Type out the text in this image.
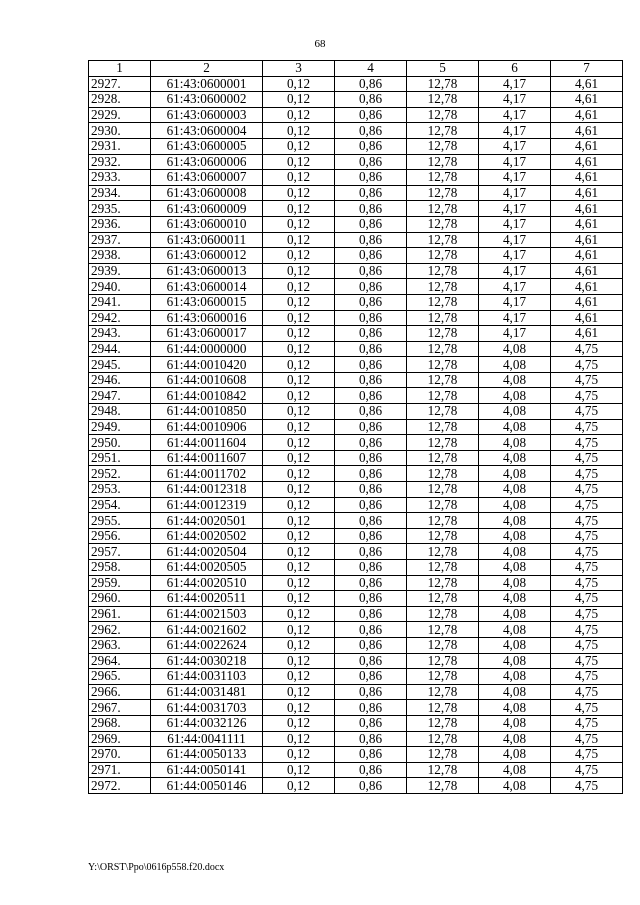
68
1	2	3	4	5	6	7
2927.	61:43:0600001	0,12	0,86	12,78	4,17	4,61
2928.	61:43:0600002	0,12	0,86	12,78	4,17	4,61
2929.	61:43:0600003	0,12	0,86	12,78	4,17	4,61
2930.	61:43:0600004	0,12	0,86	12,78	4,17	4,61
2931.	61:43:0600005	0,12	0,86	12,78	4,17	4,61
2932.	61:43:0600006	0,12	0,86	12,78	4,17	4,61
2933.	61:43:0600007	0,12	0,86	12,78	4,17	4,61
2934.	61:43:0600008	0,12	0,86	12,78	4,17	4,61
2935.	61:43:0600009	0,12	0,86	12,78	4,17	4,61
2936.	61:43:0600010	0,12	0,86	12,78	4,17	4,61
2937.	61:43:0600011	0,12	0,86	12,78	4,17	4,61
2938.	61:43:0600012	0,12	0,86	12,78	4,17	4,61
2939.	61:43:0600013	0,12	0,86	12,78	4,17	4,61
2940.	61:43:0600014	0,12	0,86	12,78	4,17	4,61
2941.	61:43:0600015	0,12	0,86	12,78	4,17	4,61
2942.	61:43:0600016	0,12	0,86	12,78	4,17	4,61
2943.	61:43:0600017	0,12	0,86	12,78	4,17	4,61
2944.	61:44:0000000	0,12	0,86	12,78	4,08	4,75
2945.	61:44:0010420	0,12	0,86	12,78	4,08	4,75
2946.	61:44:0010608	0,12	0,86	12,78	4,08	4,75
2947.	61:44:0010842	0,12	0,86	12,78	4,08	4,75
2948.	61:44:0010850	0,12	0,86	12,78	4,08	4,75
2949.	61:44:0010906	0,12	0,86	12,78	4,08	4,75
2950.	61:44:0011604	0,12	0,86	12,78	4,08	4,75
2951.	61:44:0011607	0,12	0,86	12,78	4,08	4,75
2952.	61:44:0011702	0,12	0,86	12,78	4,08	4,75
2953.	61:44:0012318	0,12	0,86	12,78	4,08	4,75
2954.	61:44:0012319	0,12	0,86	12,78	4,08	4,75
2955.	61:44:0020501	0,12	0,86	12,78	4,08	4,75
2956.	61:44:0020502	0,12	0,86	12,78	4,08	4,75
2957.	61:44:0020504	0,12	0,86	12,78	4,08	4,75
2958.	61:44:0020505	0,12	0,86	12,78	4,08	4,75
2959.	61:44:0020510	0,12	0,86	12,78	4,08	4,75
2960.	61:44:0020511	0,12	0,86	12,78	4,08	4,75
2961.	61:44:0021503	0,12	0,86	12,78	4,08	4,75
2962.	61:44:0021602	0,12	0,86	12,78	4,08	4,75
2963.	61:44:0022624	0,12	0,86	12,78	4,08	4,75
2964.	61:44:0030218	0,12	0,86	12,78	4,08	4,75
2965.	61:44:0031103	0,12	0,86	12,78	4,08	4,75
2966.	61:44:0031481	0,12	0,86	12,78	4,08	4,75
2967.	61:44:0031703	0,12	0,86	12,78	4,08	4,75
2968.	61:44:0032126	0,12	0,86	12,78	4,08	4,75
2969.	61:44:0041111	0,12	0,86	12,78	4,08	4,75
2970.	61:44:0050133	0,12	0,86	12,78	4,08	4,75
2971.	61:44:0050141	0,12	0,86	12,78	4,08	4,75
2972.	61:44:0050146	0,12	0,86	12,78	4,08	4,75
Y:\ORST\Ppo\0616p558.f20.docx
